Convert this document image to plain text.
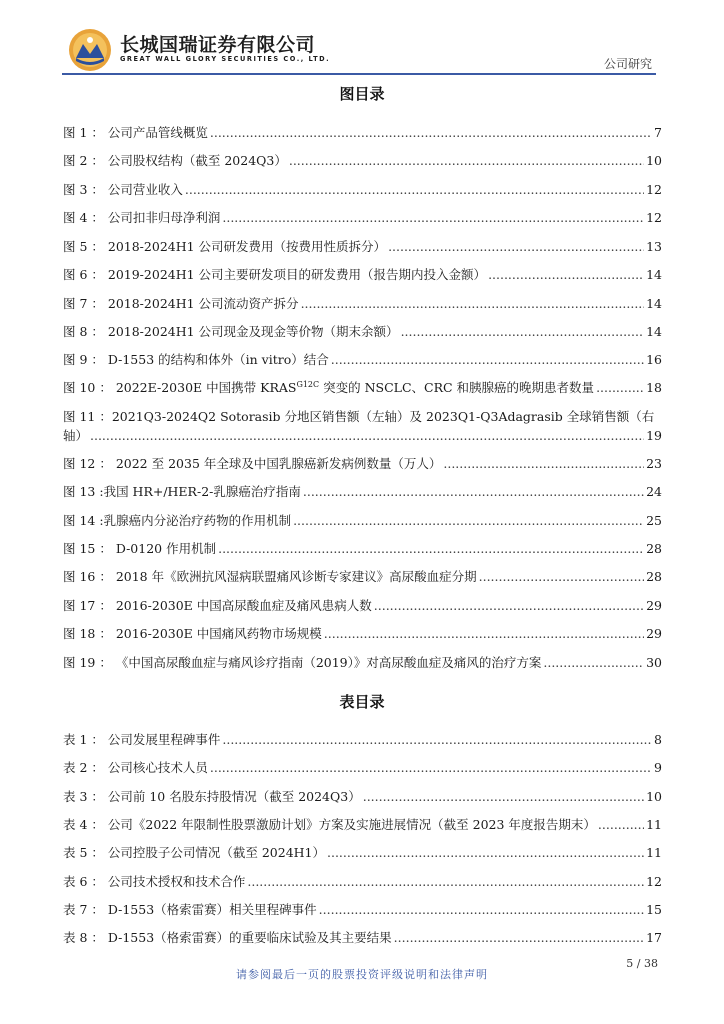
长城国瑞证券有限公司
GREAT WALL GLORY SECURITIES CO., LTD.	公司研究
图目录
图 1 ： 公司产品管线概览 .....	7
图 2 ： 公司股权结构（截至 2024Q3） .....	10
图 3 ： 公司营业收入 .....	12
图 4 ： 公司扣非归母净利润 .....	12
图 5 ： 2018-2024H1 公司研发费用（按费用性质拆分） .....	13
图 6 ： 2019-2024H1 公司主要研发项目的研发费用（报告期内投入金额） .....	14
图 7 ： 2018-2024H1 公司流动资产拆分 .....	14
图 8 ： 2018-2024H1 公司现金及现金等价物（期末余额） .....	14
图 9 ： D-1553 的结构和体外（in vitro）结合 .....	16
图 10 ： 2022E-2030E 中国携带 $KRAS^{G12C}$ 突变的 NSCLC、CRC 和胰腺癌的晚期患者数量 .....	18
图 11 ：2021Q3-2024Q2 Sotorasib 分地区销售额（左轴）及 2023Q1-Q3Adagrasib 全球销售额（右
轴） .....	19
图 12 ： 2022 至 2035 年全球及中国乳腺癌新发病例数量（万人） .....	23
图 13 :我国 HR+/HER-2-乳腺癌治疗指南 .....	24
图 14 :乳腺癌内分泌治疗药物的作用机制 .....	25
图 15 ： D-0120 作用机制 .....	28
图 16 ： 2018 年《欧洲抗风湿病联盟痛风诊断专家建议》高尿酸血症分期 .....	28
图 17 ： 2016-2030E 中国高尿酸血症及痛风患病人数 .....	29
图 18 ： 2016-2030E 中国痛风药物市场规模 .....	29
图 19 ： 《中国高尿酸血症与痛风诊疗指南（2019）》对高尿酸血症及痛风的治疗方案 .....	30
表目录
表 1 ： 公司发展里程碑事件 .....	8
表 2 ： 公司核心技术人员 .....	9
表 3 ： 公司前 10 名股东持股情况（截至 2024Q3） .....	10
表 4 ： 公司《2022 年限制性股票激励计划》方案及实施进展情况（截至 2023 年度报告期末） .....	11
表 5 ： 公司控股子公司情况（截至 2024H1） .....	11
表 6 ： 公司技术授权和技术合作 .....	12
表 7 ： D-1553（格索雷赛）相关里程碑事件 .....	15
表 8 ： D-1553（格索雷赛）的重要临床试验及其主要结果 .....	17
5 / 38
请参阅最后一页的股票投资评级说明和法律声明
